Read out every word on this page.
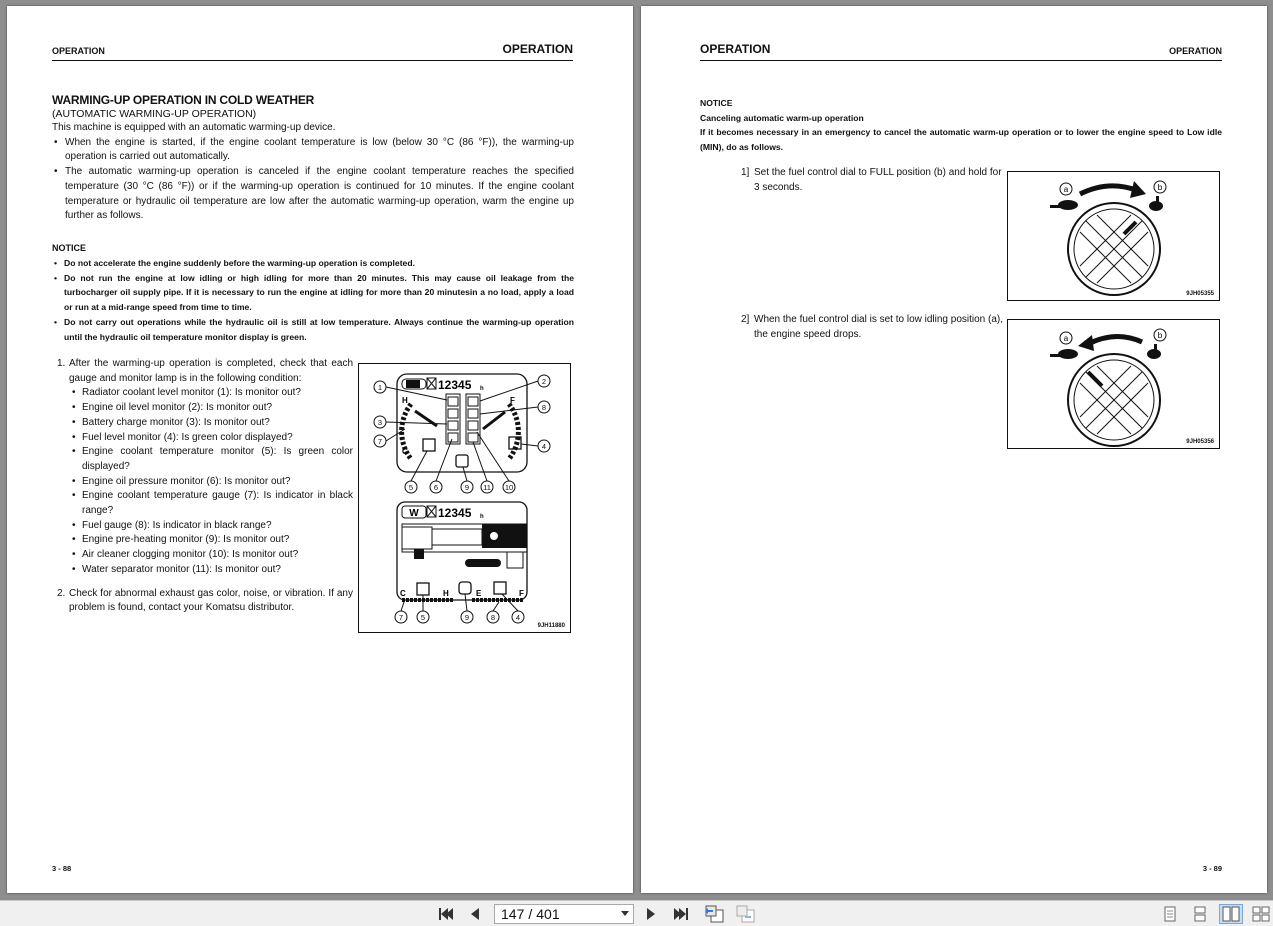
OPERATION	OPERATION
WARMING-UP OPERATION IN COLD WEATHER
(AUTOMATIC WARMING-UP OPERATION)
This machine is equipped with an automatic warming-up device.
• When the engine is started, if the engine coolant temperature is low (below 30 °C (86 °F)), the warming-up operation is carried out automatically.
• The automatic warming-up operation is canceled if the engine coolant temperature reaches the specified temperature (30 °C (86 °F)) or if the warming-up operation is continued for 10 minutes. If the engine coolant temperature or hydraulic oil temperature are low after the automatic warming-up operation, warm the engine up further as follows.
NOTICE
• Do not accelerate the engine suddenly before the warming-up operation is completed.
• Do not run the engine at low idling or high idling for more than 20 minutes. This may cause oil leakage from the turbocharger oil supply pipe. If it is necessary to run the engine at idling for more than 20 minutesin a no load, apply a load or run at a mid-range speed from time to time.
• Do not carry out operations while the hydraulic oil is still at low temperature. Always continue the warming-up operation until the hydraulic oil temperature monitor display is green.
1. After the warming-up operation is completed, check that each gauge and monitor lamp is in the following condition:
• Radiator coolant level monitor (1): Is monitor out?
• Engine oil level monitor (2): Is monitor out?
• Battery charge monitor (3): Is monitor out?
• Fuel level monitor (4): Is green color displayed?
• Engine coolant temperature monitor (5): Is green color displayed?
• Engine oil pressure monitor (6): Is monitor out?
• Engine coolant temperature gauge (7): Is indicator in black range?
• Fuel gauge (8): Is indicator in black range?
• Engine pre-heating monitor (9): Is monitor out?
• Air cleaner clogging monitor (10): Is monitor out?
• Water separator monitor (11): Is monitor out?
2. Check for abnormal exhaust gas color, noise, or vibration. If any problem is found, contact your Komatsu distributor.
12345 h
H
C
F
1
2
3
8
7
4
5	6	9 11 10
W 12345 h
C	H	E	F
7 5	9	8	4
9JH11880
3 - 88
OPERATION	OPERATION
NOTICE
Canceling automatic warm-up operation
If it becomes necessary in an emergency to cancel the automatic warm-up operation or to lower the engine speed to Low idle (MIN), do as follows.
1] Set the fuel control dial to FULL position (b) and hold for 3 seconds.	a	b
9JH05355
2] When the fuel control dial is set to low idling position (a), the engine speed drops.	a	b
9JH05356
3 - 89
147 / 401
